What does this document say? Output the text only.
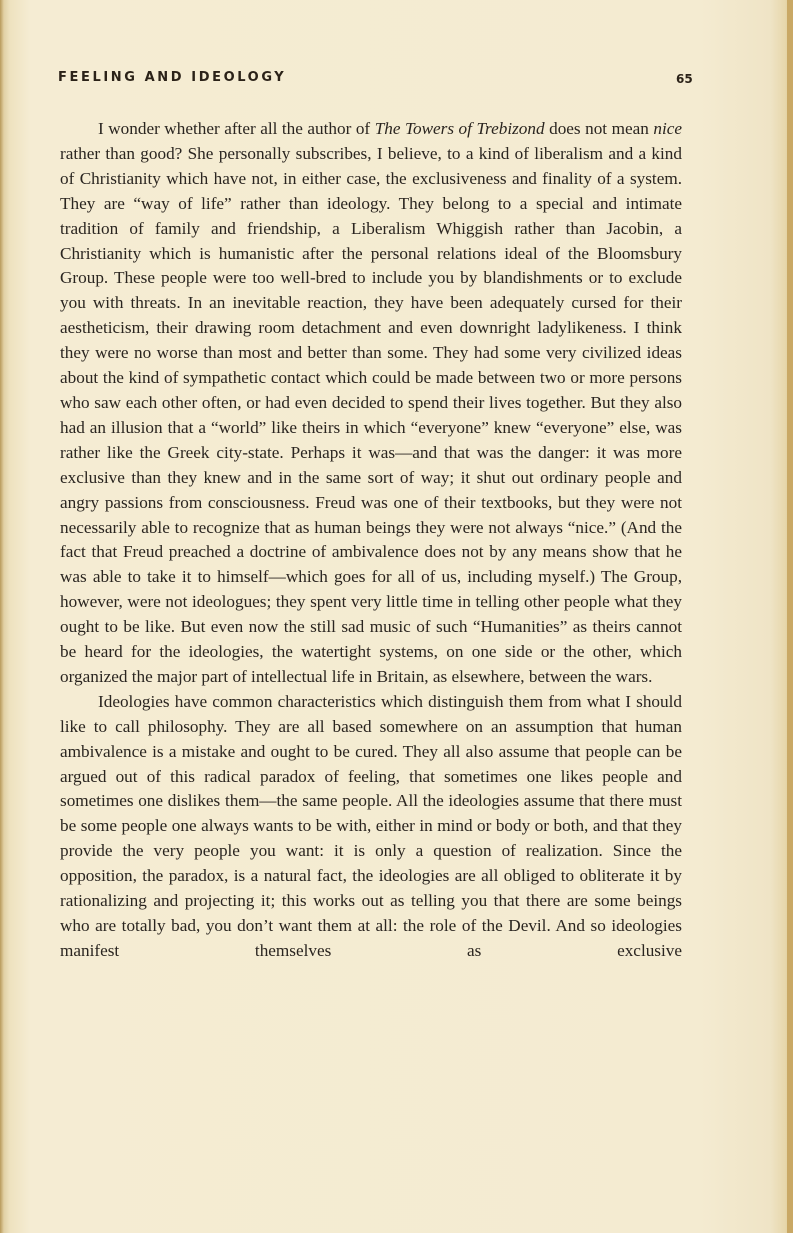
FEELING AND IDEOLOGY	65

I wonder whether after all the author of The Towers of Trebizond does not mean nice rather than good? She personally subscribes, I believe, to a kind of liberalism and a kind of Christianity which have not, in either case, the exclusiveness and finality of a system. They are “way of life” rather than ideology. They belong to a special and intimate tradition of family and friendship, a Liberalism Whiggish rather than Jacobin, a Christianity which is humanistic after the personal relations ideal of the Bloomsbury Group. These people were too well-bred to include you by blandishments or to exclude you with threats. In an inevitable reaction, they have been adequately cursed for their aestheticism, their drawing room detachment and even downright ladylikeness. I think they were no worse than most and better than some. They had some very civilized ideas about the kind of sympathetic contact which could be made between two or more persons who saw each other often, or had even decided to spend their lives together. But they also had an illusion that a “world” like theirs in which “everyone” knew “everyone” else, was rather like the Greek city-state. Perhaps it was—and that was the danger: it was more exclusive than they knew and in the same sort of way; it shut out ordinary people and angry passions from consciousness. Freud was one of their textbooks, but they were not necessarily able to recognize that as human beings they were not always “nice.” (And the fact that Freud preached a doctrine of ambivalence does not by any means show that he was able to take it to himself—which goes for all of us, including myself.) The Group, however, were not ideologues; they spent very little time in telling other people what they ought to be like. But even now the still sad music of such “Humanities” as theirs cannot be heard for the ideologies, the watertight systems, on one side or the other, which organized the major part of intellectual life in Britain, as elsewhere, between the wars.

Ideologies have common characteristics which distinguish them from what I should like to call philosophy. They are all based somewhere on an assumption that human ambivalence is a mistake and ought to be cured. They all also assume that people can be argued out of this radical paradox of feeling, that sometimes one likes people and sometimes one dislikes them—the same people. All the ideologies assume that there must be some people one always wants to be with, either in mind or body or both, and that they provide the very people you want: it is only a question of realization. Since the opposition, the paradox, is a natural fact, the ideologies are all obliged to obliterate it by rationalizing and projecting it; this works out as telling you that there are some beings who are totally bad, you don’t want them at all: the role of the Devil. And so ideologies manifest themselves as exclusive
